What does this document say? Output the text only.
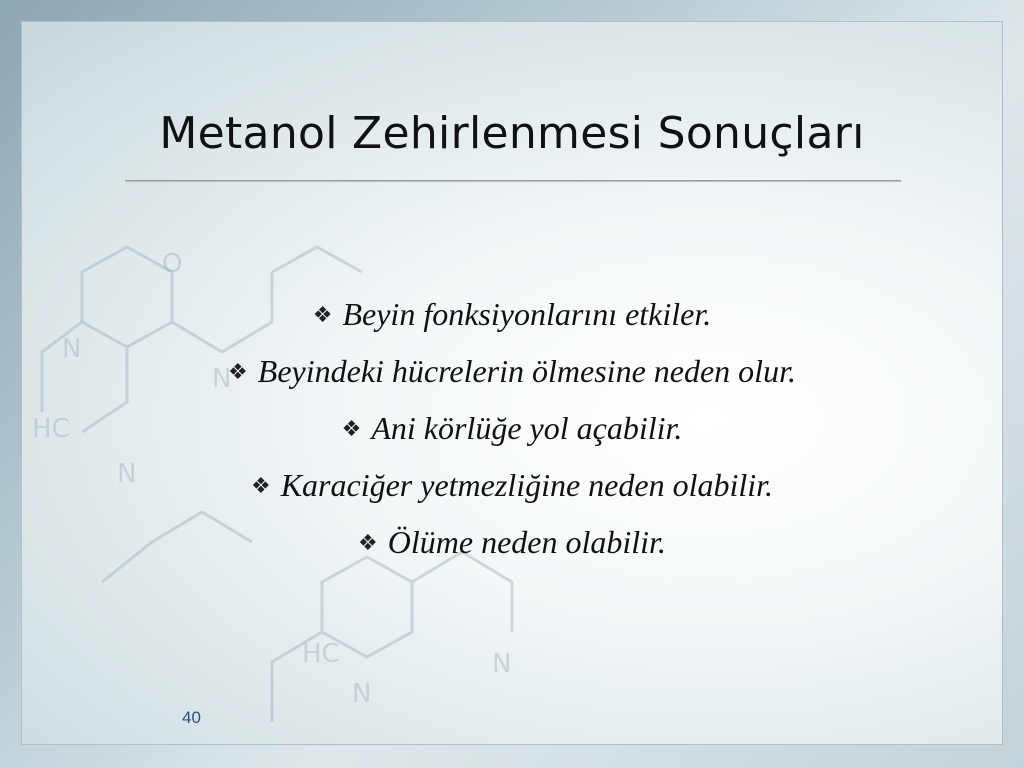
N
N
HC
N
N
HC	N
O
Metanol Zehirlenmesi Sonuçları
❖ Beyin fonksiyonlarını etkiler.
❖ Beyindeki hücrelerin ölmesine neden olur.
❖ Ani körlüğe yol açabilir.
❖ Karaciğer yetmezliğine neden olabilir.
❖ Ölüme neden olabilir.
40
